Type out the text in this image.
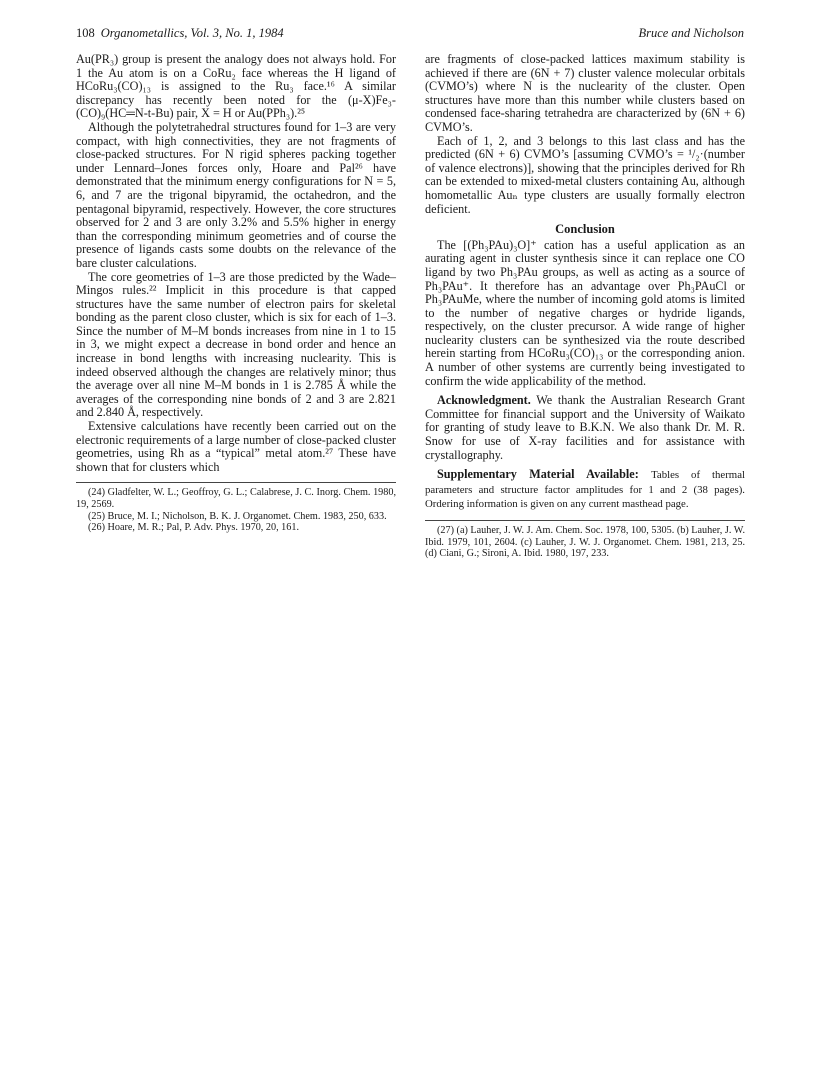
108 Organometallics, Vol. 3, No. 1, 1984	Bruce and Nicholson

Au(PR₃) group is present the analogy does not always hold. For 1 the Au atom is on a CoRu₂ face whereas the H ligand of HCoRu₃(CO)₁₃ is assigned to the Ru₃ face.¹⁶ A similar discrepancy has recently been noted for the (μ-X)Fe₃-(CO)₉(HC═N-t-Bu) pair, X = H or Au(PPh₃).²⁵

Although the polytetrahedral structures found for 1–3 are very compact, with high connectivities, they are not fragments of close-packed structures. For N rigid spheres packing together under Lennard–Jones forces only, Hoare and Pal²⁶ have demonstrated that the minimum energy configurations for N = 5, 6, and 7 are the trigonal bipyramid, the octahedron, and the pentagonal bipyramid, respectively. However, the core structures observed for 2 and 3 are only 3.2% and 5.5% higher in energy than the corresponding minimum geometries and of course the presence of ligands casts some doubts on the relevance of the bare cluster calculations.

The core geometries of 1–3 are those predicted by the Wade–Mingos rules.²² Implicit in this procedure is that capped structures have the same number of electron pairs for skeletal bonding as the parent closo cluster, which is six for each of 1–3. Since the number of M–M bonds increases from nine in 1 to 15 in 3, we might expect a decrease in bond order and hence an increase in bond lengths with increasing nuclearity. This is indeed observed although the changes are relatively minor; thus the average over all nine M–M bonds in 1 is 2.785 Å while the averages of the corresponding nine bonds of 2 and 3 are 2.821 and 2.840 Å, respectively.

Extensive calculations have recently been carried out on the electronic requirements of a large number of close-packed cluster geometries, using Rh as a “typical” metal atom.²⁷ These have shown that for clusters which

(24) Gladfelter, W. L.; Geoffroy, G. L.; Calabrese, J. C. Inorg. Chem. 1980, 19, 2569.

(25) Bruce, M. I.; Nicholson, B. K. J. Organomet. Chem. 1983, 250, 633.

(26) Hoare, M. R.; Pal, P. Adv. Phys. 1970, 20, 161.

are fragments of close-packed lattices maximum stability is achieved if there are (6N + 7) cluster valence molecular orbitals (CVMO’s) where N is the nuclearity of the cluster. Open structures have more than this number while clusters based on condensed face-sharing tetrahedra are characterized by (6N + 6) CVMO’s.

Each of 1, 2, and 3 belongs to this last class and has the predicted (6N + 6) CVMO’s [assuming CVMO’s = ¹/₂·(number of valence electrons)], showing that the principles derived for Rh can be extended to mixed-metal clusters containing Au, although homometallic Auₙ type clusters are usually formally electron deficient.

Conclusion

The [(Ph₃PAu)₃O]⁺ cation has a useful application as an aurating agent in cluster synthesis since it can replace one CO ligand by two Ph₃PAu groups, as well as acting as a source of Ph₃PAu⁺. It therefore has an advantage over Ph₃PAuCl or Ph₃PAuMe, where the number of incoming gold atoms is limited to the number of negative charges or hydride ligands, respectively, on the cluster precursor. A wide range of higher nuclearity clusters can be synthesized via the route described herein starting from HCoRu₃(CO)₁₃ or the corresponding anion. A number of other systems are currently being investigated to confirm the wide applicability of the method.

Acknowledgment. We thank the Australian Research Grant Committee for financial support and the University of Waikato for granting of study leave to B.K.N. We also thank Dr. M. R. Snow for use of X-ray facilities and for assistance with crystallography.

Supplementary Material Available: Tables of thermal parameters and structure factor amplitudes for 1 and 2 (38 pages). Ordering information is given on any current masthead page.

(27) (a) Lauher, J. W. J. Am. Chem. Soc. 1978, 100, 5305. (b) Lauher, J. W. Ibid. 1979, 101, 2604. (c) Lauher, J. W. J. Organomet. Chem. 1981, 213, 25. (d) Ciani, G.; Sironi, A. Ibid. 1980, 197, 233.
